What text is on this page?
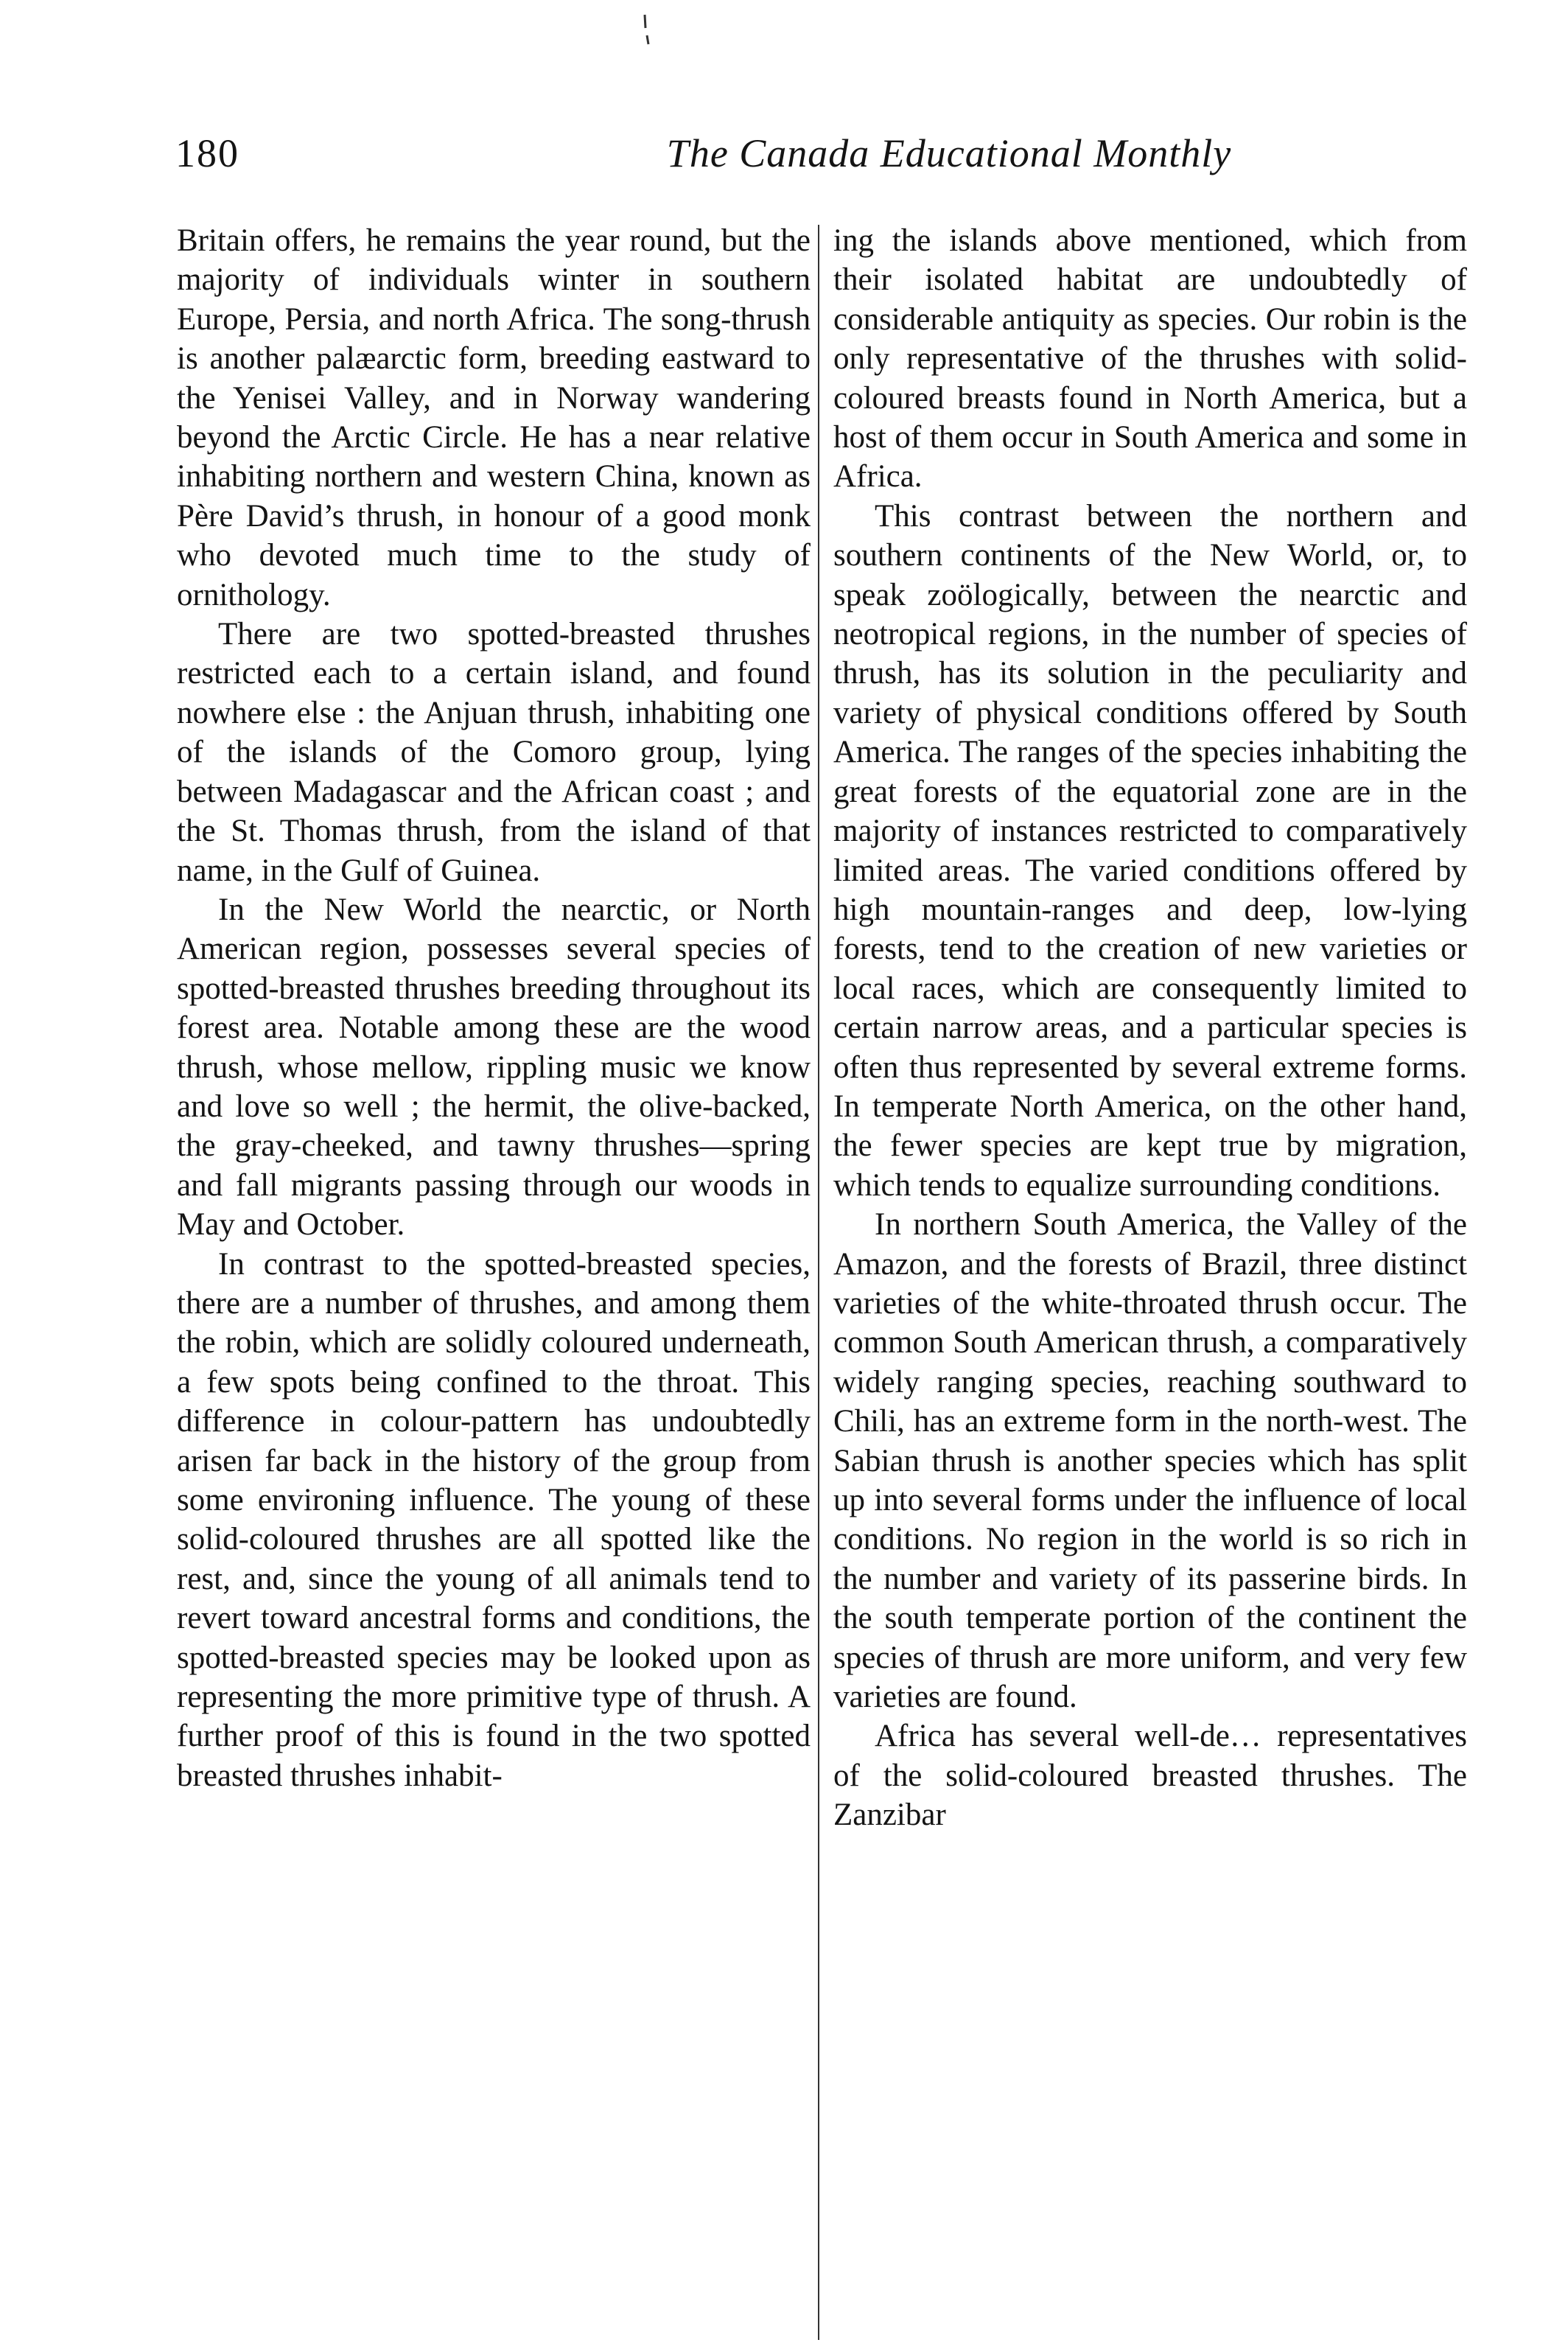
180	The Canada Educational Monthly

Britain offers, he remains the year round, but the majority of individuals winter in southern Europe, Persia, and north Africa. The song-thrush is another palæarctic form, breeding eastward to the Yenisei Valley, and in Norway wandering beyond the Arctic Circle. He has a near relative inhabiting northern and western China, known as Père David’s thrush, in honour of a good monk who devoted much time to the study of ornithology.

There are two spotted-breasted thrushes restricted each to a certain island, and found nowhere else : the Anjuan thrush, inhabiting one of the islands of the Comoro group, lying between Madagascar and the African coast ; and the St. Thomas thrush, from the island of that name, in the Gulf of Guinea.

In the New World the nearctic, or North American region, possesses several species of spotted-breasted thrushes breeding throughout its forest area. Notable among these are the wood thrush, whose mellow, rippling music we know and love so well ; the hermit, the olive-backed, the gray-cheeked, and tawny thrushes—spring and fall migrants passing through our woods in May and October.

In contrast to the spotted-breasted species, there are a number of thrushes, and among them the robin, which are solidly coloured underneath, a few spots being confined to the throat. This difference in colour-pattern has undoubtedly arisen far back in the history of the group from some environing influence. The young of these solid-coloured thrushes are all spotted like the rest, and, since the young of all animals tend to revert toward ancestral forms and conditions, the spotted-breasted species may be looked upon as representing the more primitive type of thrush. A further proof of this is found in the two spotted breasted thrushes inhabit-

ing the islands above mentioned, which from their isolated habitat are undoubtedly of considerable antiquity as species. Our robin is the only representative of the thrushes with solid-coloured breasts found in North America, but a host of them occur in South America and some in Africa.

This contrast between the northern and southern continents of the New World, or, to speak zoölogically, between the nearctic and neotropical regions, in the number of species of thrush, has its solution in the peculiarity and variety of physical conditions offered by South America. The ranges of the species inhabiting the great forests of the equatorial zone are in the majority of instances restricted to comparatively limited areas. The varied conditions offered by high mountain-ranges and deep, low-lying forests, tend to the creation of new varieties or local races, which are consequently limited to certain narrow areas, and a particular species is often thus represented by several extreme forms. In temperate North America, on the other hand, the fewer species are kept true by migration, which tends to equalize surrounding conditions.

In northern South America, the Valley of the Amazon, and the forests of Brazil, three distinct varieties of the white-throated thrush occur. The common South American thrush, a comparatively widely ranging species, reaching southward to Chili, has an extreme form in the north-west. The Sabian thrush is another species which has split up into several forms under the influence of local conditions. No region in the world is so rich in the number and variety of its passerine birds. In the south temperate portion of the continent the species of thrush are more uniform, and very few varieties are found.

Africa has several well-de… representatives of the solid-coloured breasted thrushes. The Zanzibar
